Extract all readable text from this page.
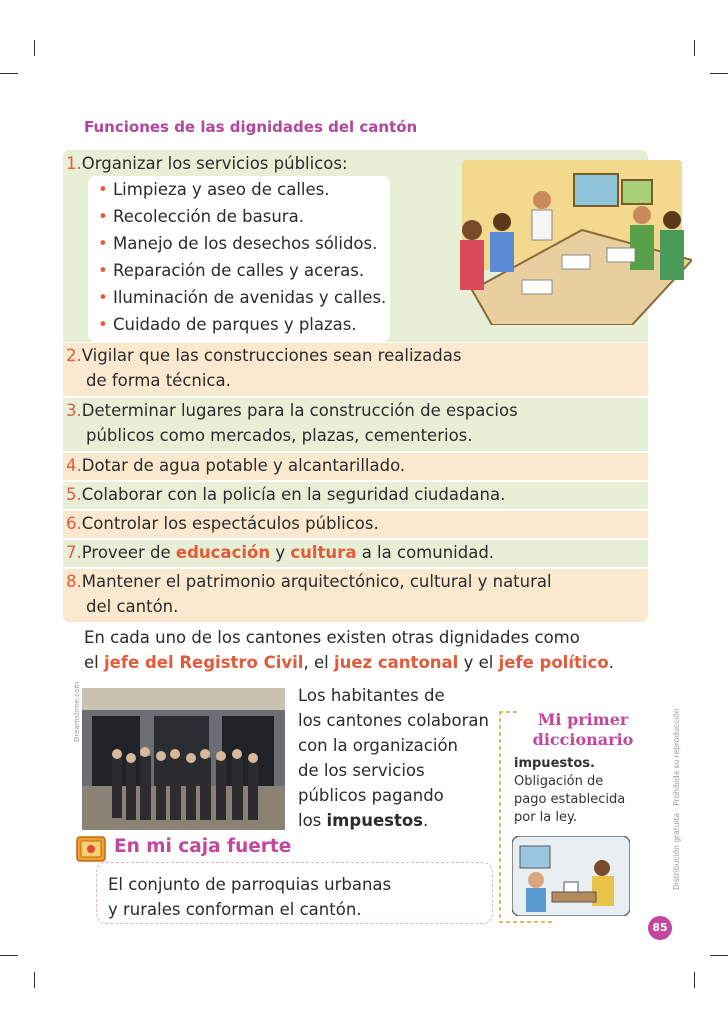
Funciones de las dignidades del cantón
1.Organizar los servicios públicos:
• Limpieza y aseo de calles.
• Recolección de basura.
• Manejo de los desechos sólidos.
• Reparación de calles y aceras.
• Iluminación de avenidas y calles.
• Cuidado de parques y plazas.
2.Vigilar que las construcciones sean realizadas
de forma técnica.
3.Determinar lugares para la construcción de espacios
públicos como mercados, plazas, cementerios.
4.Dotar de agua potable y alcantarillado.
5.Colaborar con la policía en la seguridad ciudadana.
6.Controlar los espectáculos públicos.
7.Proveer de educación y cultura a la comunidad.
8.Mantener el patrimonio arquitectónico, cultural y natural
del cantón.
En cada uno de los cantones existen otras dignidades como
el jefe del Registro Civil, el juez cantonal y el jefe político.
Dreamstime.com	Los habitantes de
los cantones colaboran
con la organización
de los servicios
públicos pagando
los impuestos.
Mi primer
diccionario
impuestos.
Obligación de
pago establecida
por la ley.
En mi caja fuerte
El conjunto de parroquias urbanas
y rurales conforman el cantón.
Distribución gratuita · Prohibida su reproducción
85
